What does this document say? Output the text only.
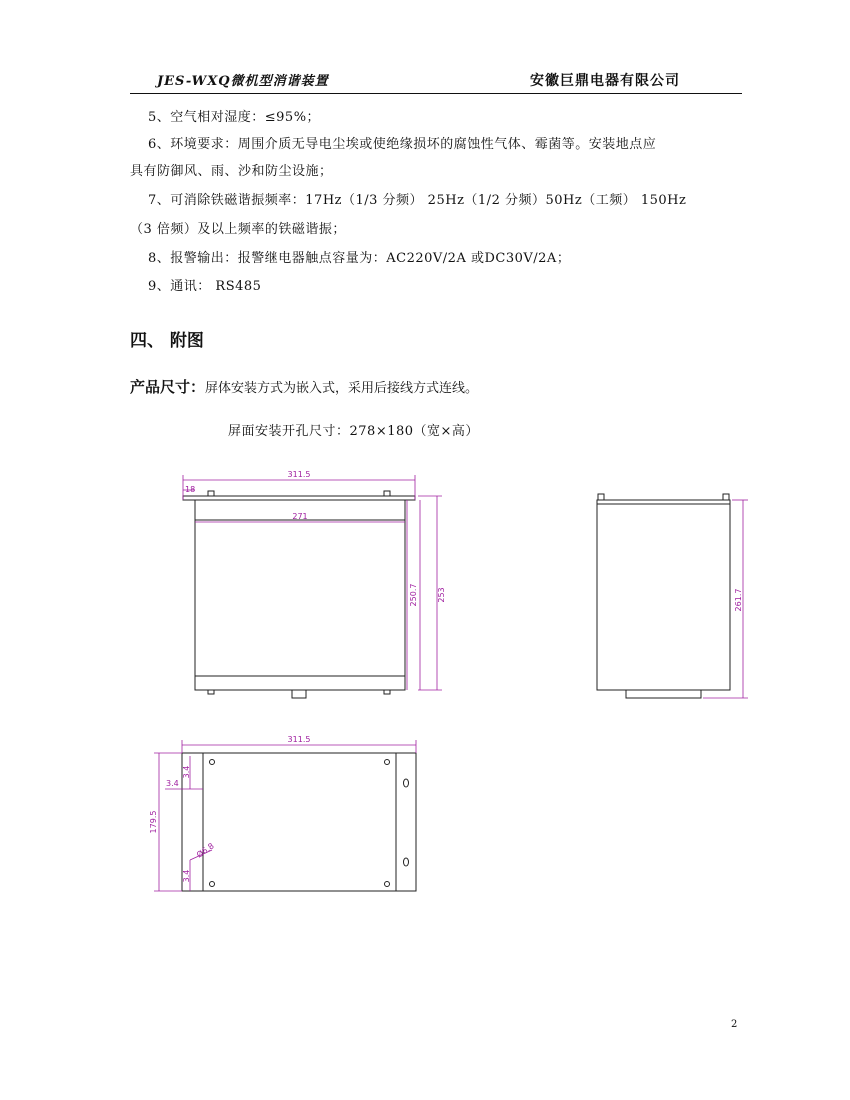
JES-WXQ微机型消谐装置	安徽巨鼎电器有限公司
5、空气相对湿度：≤95%；
6、环境要求：周围介质无导电尘埃或使绝缘损坏的腐蚀性气体、霉菌等。安装地点应
具有防御风、雨、沙和防尘设施；
7、可消除铁磁谐振频率：17Hz（1/3 分频） 25Hz（1/2 分频）50Hz（工频） 150Hz
（3 倍频）及以上频率的铁磁谐振；
8、报警输出：报警继电器触点容量为：AC220V/2A 或DC30V/2A；
9、通讯： RS485
四、 附图
产品尺寸：屏体安装方式为嵌入式，采用后接线方式连线。
屏面安装开孔尺寸：278×180（宽×高）
311.5
18
271
250.7 253	261.7
311.5
179.5
3.4
3.4
3.4
Ø6.8
2
